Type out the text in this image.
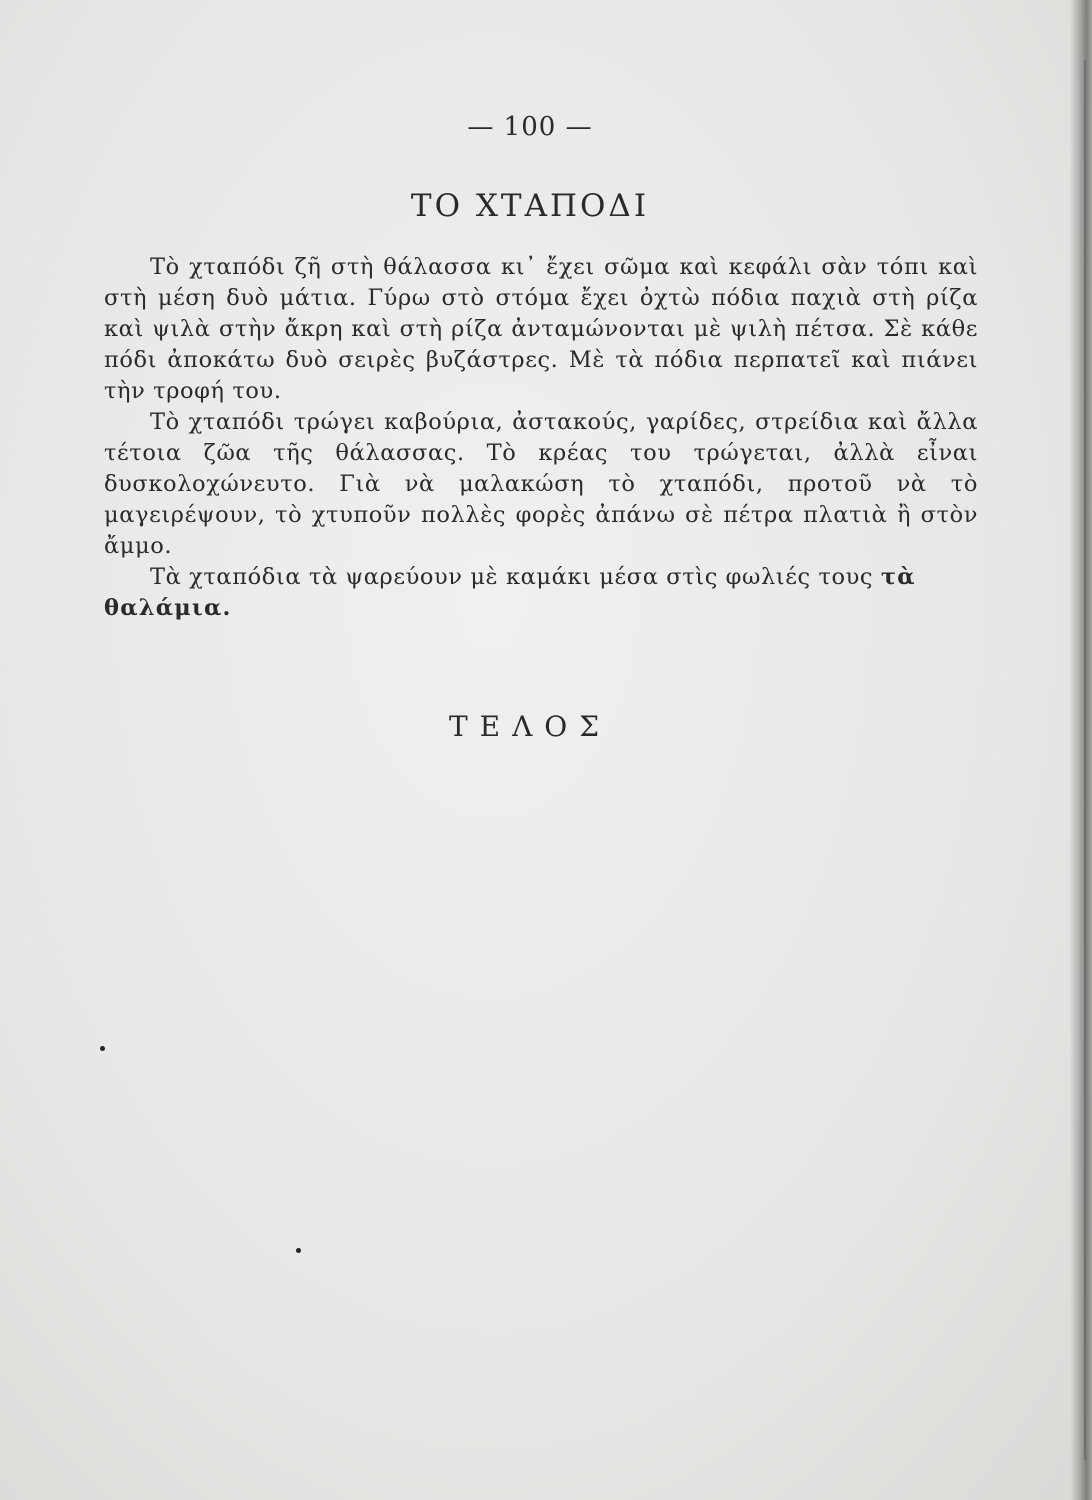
— 100 —
ΤΟ ΧΤΑΠΟΔΙ

Τὸ χταπόδι ζῆ στὴ θάλασσα κι᾿ ἔχει σῶμα καὶ κεφάλι σὰν τόπι καὶ στὴ μέση δυὸ μάτια. Γύρω στὸ στόμα ἔχει ὀχτὼ πόδια παχιὰ στὴ ρίζα καὶ ψιλὰ στὴν ἄκρη καὶ στὴ ρίζα ἀνταμώνονται μὲ ψιλὴ πέτσα. Σὲ κάθε πόδι ἀποκάτω δυὸ σειρὲς βυζάστρες. Μὲ τὰ πόδια περπατεῖ καὶ πιάνει τὴν τροφή του.

Τὸ χταπόδι τρώγει καβούρια, ἀστακούς, γαρίδες, στρείδια καὶ ἄλλα τέτοια ζῶα τῆς θάλασσας. Τὸ κρέας του τρώγεται, ἀλλὰ εἶναι δυσκολοχώνευτο. Γιὰ νὰ μαλακώση τὸ χταπόδι, προτοῦ νὰ τὸ μαγειρέψουν, τὸ χτυποῦν πολλὲς φορὲς ἀπάνω σὲ πέτρα πλατιὰ ἢ στὸν ἄμμο.

Τὰ χταπόδια τὰ ψαρεύουν μὲ καμάκι μέσα στὶς φωλιές τους τὰ θαλάμια.

ΤΕΛΟΣ
